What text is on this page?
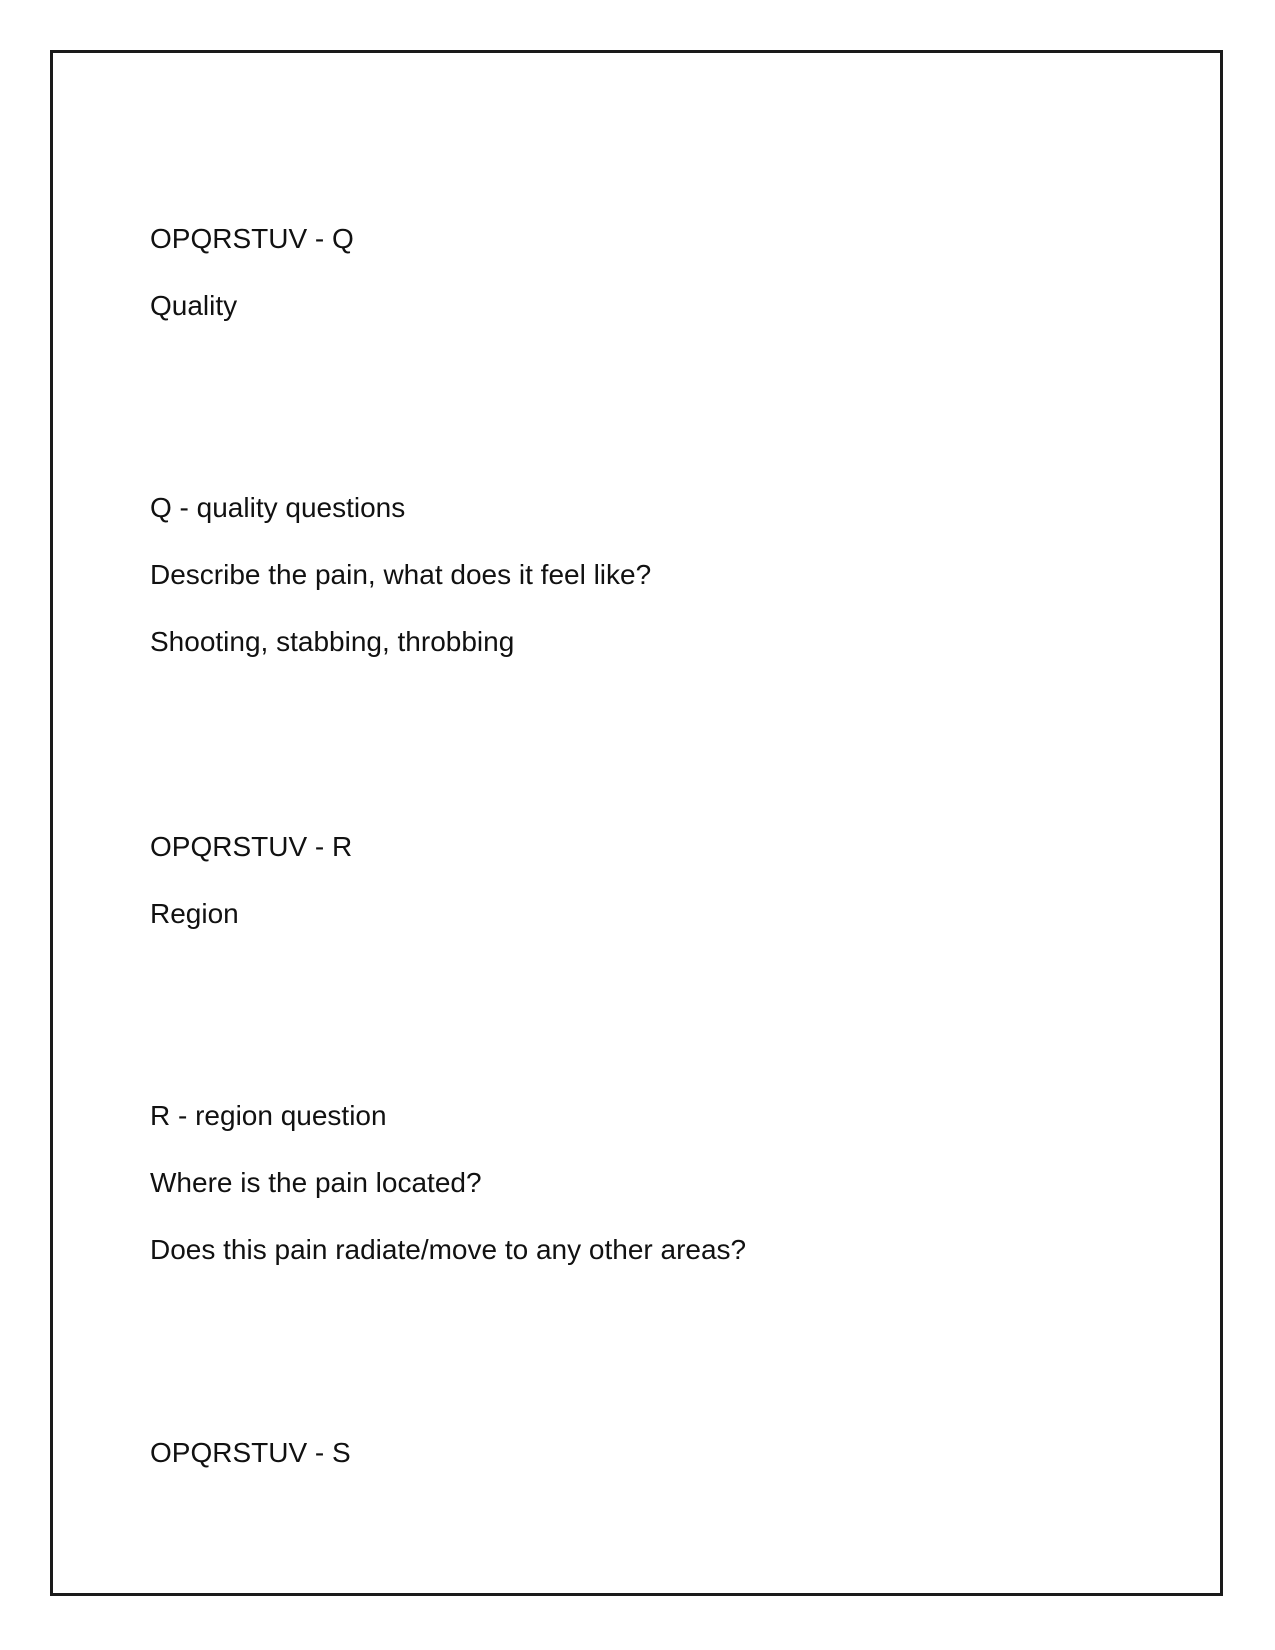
OPQRSTUV - Q
Quality
Q - quality questions
Describe the pain, what does it feel like?
Shooting, stabbing, throbbing
OPQRSTUV - R
Region
R - region question
Where is the pain located?
Does this pain radiate/move to any other areas?
OPQRSTUV - S
